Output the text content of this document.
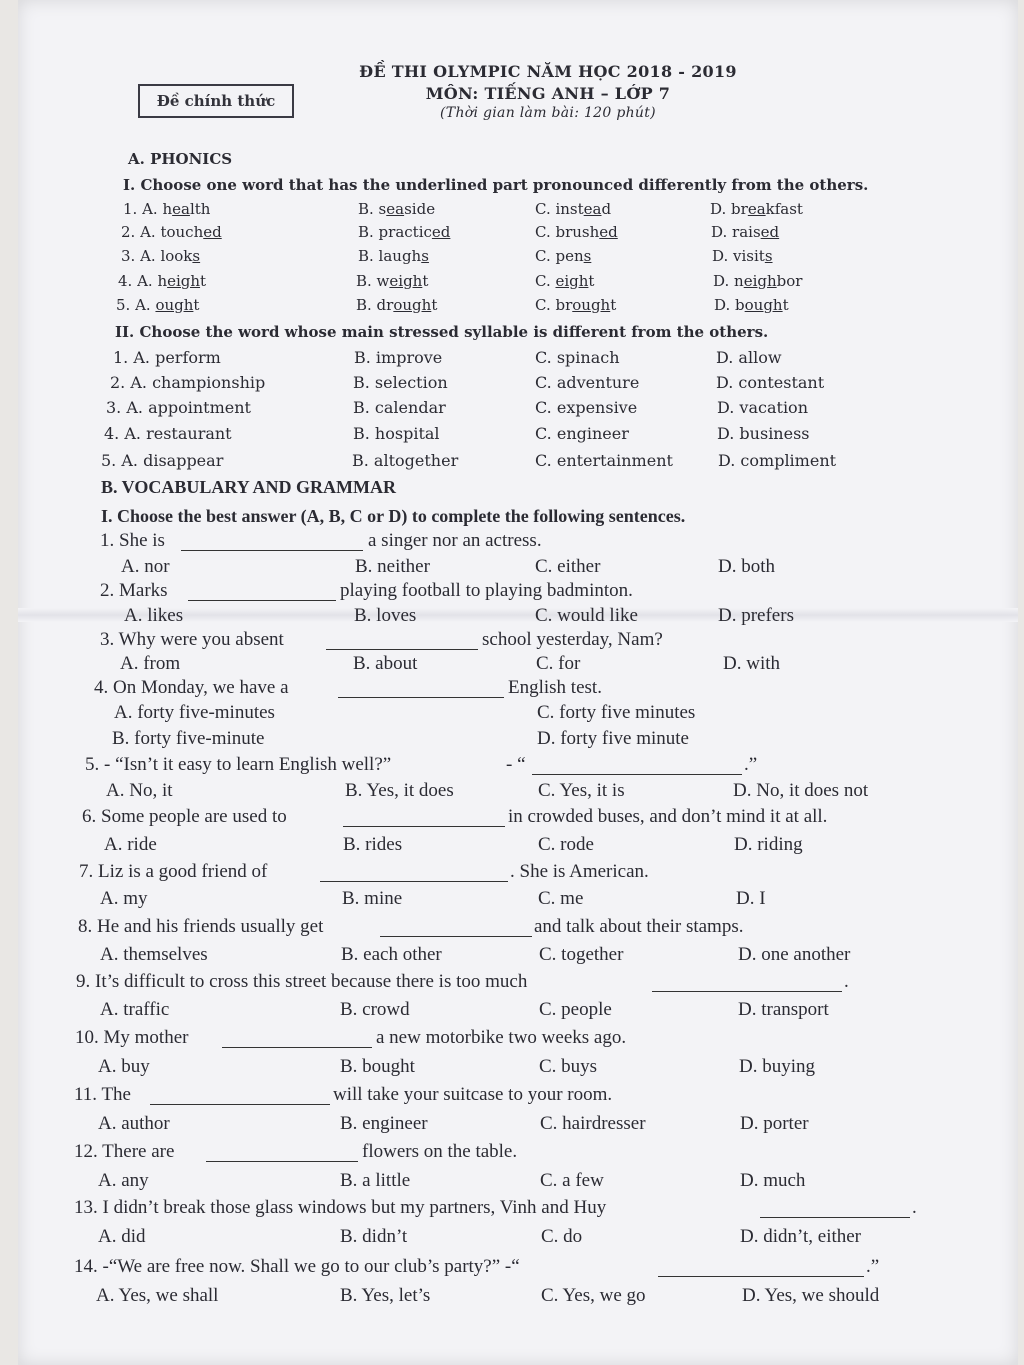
Đề chính thức
ĐỀ THI OLYMPIC NĂM HỌC 2018 - 2019
MÔN: TIẾNG ANH – LỚP 7
(Thời gian làm bài: 120 phút)
A. PHONICS
I. Choose one word that has the underlined part pronounced differently from the others.
1. A. health	B. seaside	C. instead	D. breakfast
2. A. touched	B. practiced	C. brushed	D. raised
3. A. looks	B. laughs	C. pens	D. visits
4. A. height	B. weight	C. eight	D. neighbor
5. A. ought	B. drought	C. brought	D. bought
II. Choose the word whose main stressed syllable is different from the others.
1. A. perform	B. improve	C. spinach	D. allow
2. A. championship	B. selection	C. adventure	D. contestant
3. A. appointment	B. calendar	C. expensive	D. vacation
4. A. restaurant	B. hospital	C. engineer	D. business
5. A. disappear	B. altogether	C. entertainment	D. compliment
B. VOCABULARY AND GRAMMAR
I. Choose the best answer (A, B, C or D) to complete the following sentences.
1. She is	a singer nor an actress.
A. nor	B. neither	C. either	D. both
2. Marks	playing football to playing badminton.
A. likes	B. loves	C. would like	D. prefers
3. Why were you absent	school yesterday, Nam?
A. from	B. about	C. for	D. with
4. On Monday, we have a	English test.
A. forty five-minutes	C. forty five minutes
B. forty five-minute	D. forty five minute
5. - “Isn’t it easy to learn English well?”	- “	.”
A. No, it	B. Yes, it does	C. Yes, it is	D. No, it does not
6. Some people are used to	in crowded buses, and don’t mind it at all.
A. ride	B. rides	C. rode	D. riding
7. Liz is a good friend of	. She is American.
A. my	B. mine	C. me	D. I
8. He and his friends usually get	and talk about their stamps.
A. themselves	B. each other	C. together	D. one another
9. It’s difficult to cross this street because there is too much	.
A. traffic	B. crowd	C. people	D. transport
10. My mother	a new motorbike two weeks ago.
A. buy	B. bought	C. buys	D. buying
11. The	will take your suitcase to your room.
A. author	B. engineer	C. hairdresser	D. porter
12. There are	flowers on the table.
A. any	B. a little	C. a few	D. much
13. I didn’t break those glass windows but my partners, Vinh and Huy	.
A. did	B. didn’t	C. do	D. didn’t, either
14. -“We are free now. Shall we go to our club’s party?” -“	.”
A. Yes, we shall	B. Yes, let’s	C. Yes, we go	D. Yes, we should
